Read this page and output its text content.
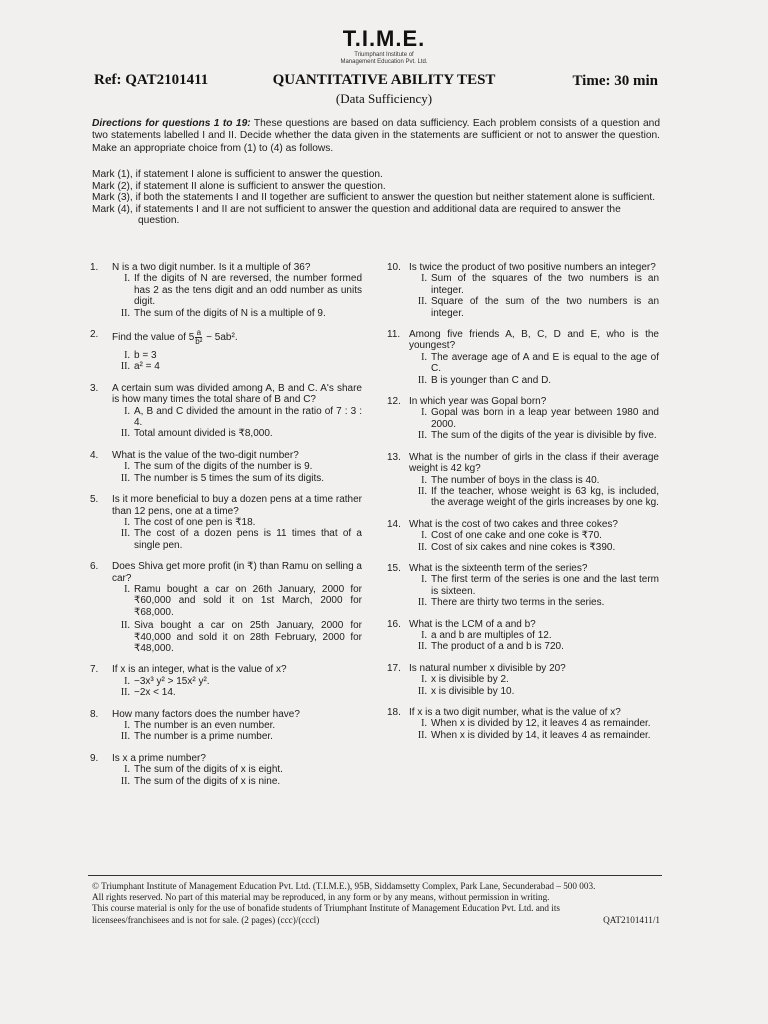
T.I.M.E.
Triumphant Institute of
Management Education Pvt. Ltd.
Ref: QAT2101411	QUANTITATIVE ABILITY TEST
(Data Sufficiency)
Time: 30 min
Directions for questions 1 to 19: These questions are based on data sufficiency. Each problem consists of a question and two statements labelled I and II. Decide whether the data given in the statements are sufficient or not to answer the question. Make an appropriate choice from (1) to (4) as follows.
Mark (1), if statement I alone is sufficient to answer the question.
Mark (2), if statement II alone is sufficient to answer the question.
Mark (3), if both the statements I and II together are sufficient to answer the question but neither statement alone is sufficient.
Mark (4), if statements I and II are not sufficient to answer the question and additional data are required to answer the question.
1. N is a two digit number. Is it a multiple of 36?
I. If the digits of N are reversed, the number formed has 2 as the tens digit and an odd number as units digit.
II. The sum of the digits of N is a multiple of 9.
2. Find the value of $5 \frac{a}{\text{b²}} - 5ab^2$.
I. b = 3
II. a² = 4
3. A certain sum was divided among A, B and C. A's share is how many times the total share of B and C?
I. A, B and C divided the amount in the ratio of 7 : 3 : 4.
II. Total amount divided is ₹8,000.
4. What is the value of the two-digit number?
I. The sum of the digits of the number is 9.
II. The number is 5 times the sum of its digits.
5. Is it more beneficial to buy a dozen pens at a time rather than 12 pens, one at a time?
I. The cost of one pen is ₹18.
II. The cost of a dozen pens is 11 times that of a single pen.
6. Does Shiva get more profit (in ₹) than Ramu on selling a car?
I. Ramu bought a car on 26th January, 2000 for ₹60,000 and sold it on 1st March, 2000 for ₹68,000.
II. Siva bought a car on 25th January, 2000 for ₹40,000 and sold it on 28th February, 2000 for ₹48,000.
7. If x is an integer, what is the value of x?
I. −3x³ y² > 15x² y².
II. −2x < 14.
8. How many factors does the number have?
I. The number is an even number.
II. The number is a prime number.
9. Is x a prime number?
I. The sum of the digits of x is eight.
II. The sum of the digits of x is nine.
10. Is twice the product of two positive numbers an integer?
I. Sum of the squares of the two numbers is an integer.
II. Square of the sum of the two numbers is an integer.
11. Among five friends A, B, C, D and E, who is the youngest?
I. The average age of A and E is equal to the age of C.
II. B is younger than C and D.
12. In which year was Gopal born?
I. Gopal was born in a leap year between 1980 and 2000.
II. The sum of the digits of the year is divisible by five.
13. What is the number of girls in the class if their average weight is 42 kg?
I. The number of boys in the class is 40.
II. If the teacher, whose weight is 63 kg, is included, the average weight of the girls increases by one kg.
14. What is the cost of two cakes and three cokes?
I. Cost of one cake and one coke is ₹70.
II. Cost of six cakes and nine cokes is ₹390.
15. What is the sixteenth term of the series?
I. The first term of the series is one and the last term is sixteen.
II. There are thirty two terms in the series.
16. What is the LCM of a and b?
I. a and b are multiples of 12.
II. The product of a and b is 720.
17. Is natural number x divisible by 20?
I. x is divisible by 2.
II. x is divisible by 10.
18. If x is a two digit number, what is the value of x?
I. When x is divided by 12, it leaves 4 as remainder.
II. When x is divided by 14, it leaves 4 as remainder.
© Triumphant Institute of Management Education Pvt. Ltd. (T.I.M.E.), 95B, Siddamsetty Complex, Park Lane, Secunderabad – 500 003.
All rights reserved. No part of this material may be reproduced, in any form or by any means, without permission in writing.
This course material is only for the use of bonafide students of Triumphant Institute of Management Education Pvt. Ltd. and its
licensees/franchisees and is not for sale. (2 pages) (ccc)/(cccl)	QAT2101411/1
